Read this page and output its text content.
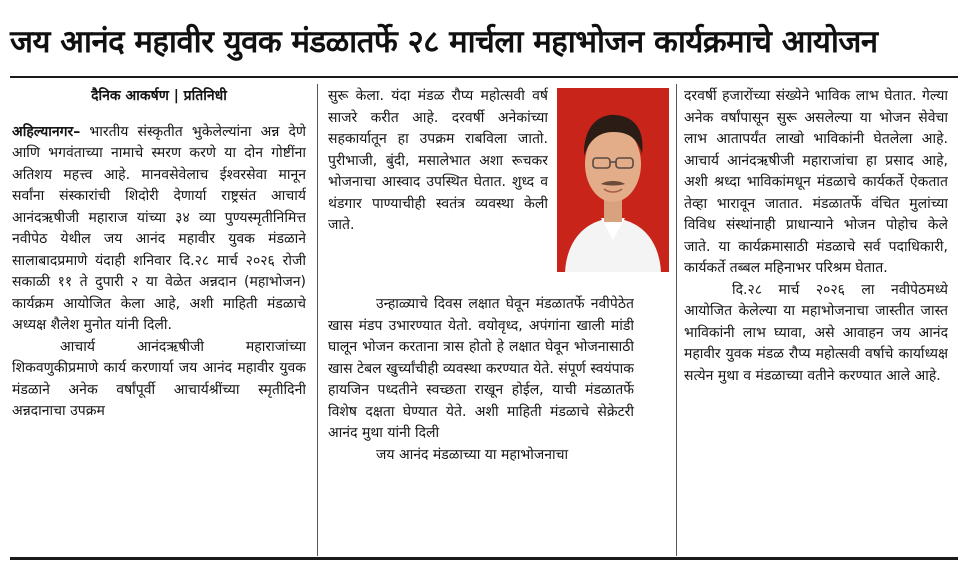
जय आनंद महावीर युवक मंडळातर्फे २८ मार्चला महाभोजन कार्यक्रमाचे आयोजन

दैनिक आकर्षण | प्रतिनिधी

अहिल्यानगर– भारतीय संस्कृतीत भुकेलेल्यांना अन्न देणे आणि भगवंताच्या नामाचे स्मरण करणे या दोन गोष्टींना अतिशय महत्त्व आहे. मानवसेवेलाच ईश्वरसेवा मानून सर्वांना संस्कारांची शिदोरी देणार्या राष्ट्रसंत आचार्य आनंदऋषीजी महाराज यांच्या ३४ व्या पुण्यस्मृतीनिमित्त नवीपेठ येथील जय आनंद महावीर युवक मंडळाने सालाबादप्रमाणे यंदाही शनिवार दि.२८ मार्च २०२६ रोजी सकाळी ११ ते दुपारी २ या वेळेत अन्नदान (महाभोजन) कार्यक्रम आयोजित केला आहे, अशी माहिती मंडळाचे अध्यक्ष शैलेश मुनोत यांनी दिली.

आचार्य आनंदऋषीजी महाराजांच्या शिकवणुकीप्रमाणे कार्य करणार्या जय आनंद महावीर युवक मंडळाने अनेक वर्षांपूर्वी आचार्यश्रींच्या स्मृतीदिनी अन्नदानाचा उपक्रम

सुरू केला. यंदा मंडळ रौप्य महोत्सवी वर्ष साजरे करीत आहे. दरवर्षी अनेकांच्या सहकार्यातून हा उपक्रम राबविला जातो. पुरीभाजी, बुंदी, मसालेभात अशा रूचकर भोजनाचा आस्वाद उपस्थित घेतात. शुध्द व थंडगार पाण्याचीही स्वतंत्र व्यवस्था केली जाते.

उन्हाळ्याचे दिवस लक्षात घेवून मंडळातर्फे नवीपेठेत खास मंडप उभारण्यात येतो. वयोवृध्द, अपंगांना खाली मांडी घालून भोजन करताना त्रास होतो हे लक्षात घेवून भोजनासाठी खास टेबल खुर्च्यांचीही व्यवस्था करण्यात येते. संपूर्ण स्वयंपाक हायजिन पध्दतीने स्वच्छता राखून होईल, याची मंडळातर्फे विशेष दक्षता घेण्यात येते. अशी माहिती मंडळाचे सेक्रेटरी आनंद मुथा यांनी दिली

जय आनंद मंडळाच्या या महाभोजनाचा

दरवर्षी हजारोंच्या संख्येने भाविक लाभ घेतात. गेल्या अनेक वर्षांपासून सुरू असलेल्या या भोजन सेवेचा लाभ आतापर्यंत लाखो भाविकांनी घेतलेला आहे. आचार्य आनंदऋषीजी महाराजांचा हा प्रसाद आहे, अशी श्रध्दा भाविकांमधून मंडळाचे कार्यकर्ते ऐकतात तेव्हा भारावून जातात. मंडळातर्फे वंचित मुलांच्या विविध संस्थांनाही प्राधान्याने भोजन पोहोच केले जाते. या कार्यक्रमासाठी मंडळाचे सर्व पदाधिकारी, कार्यकर्ते तब्बल महिनाभर परिश्रम घेतात.

दि.२८ मार्च २०२६ ला नवीपेठमध्ये आयोजित केलेल्या या महाभोजनाचा जास्तीत जास्त भाविकांनी लाभ घ्यावा, असे आवाहन जय आनंद महावीर युवक मंडळ रौप्य महोत्सवी वर्षाचे कार्याध्यक्ष सत्येन मुथा व मंडळाच्या वतीने करण्यात आले आहे.
